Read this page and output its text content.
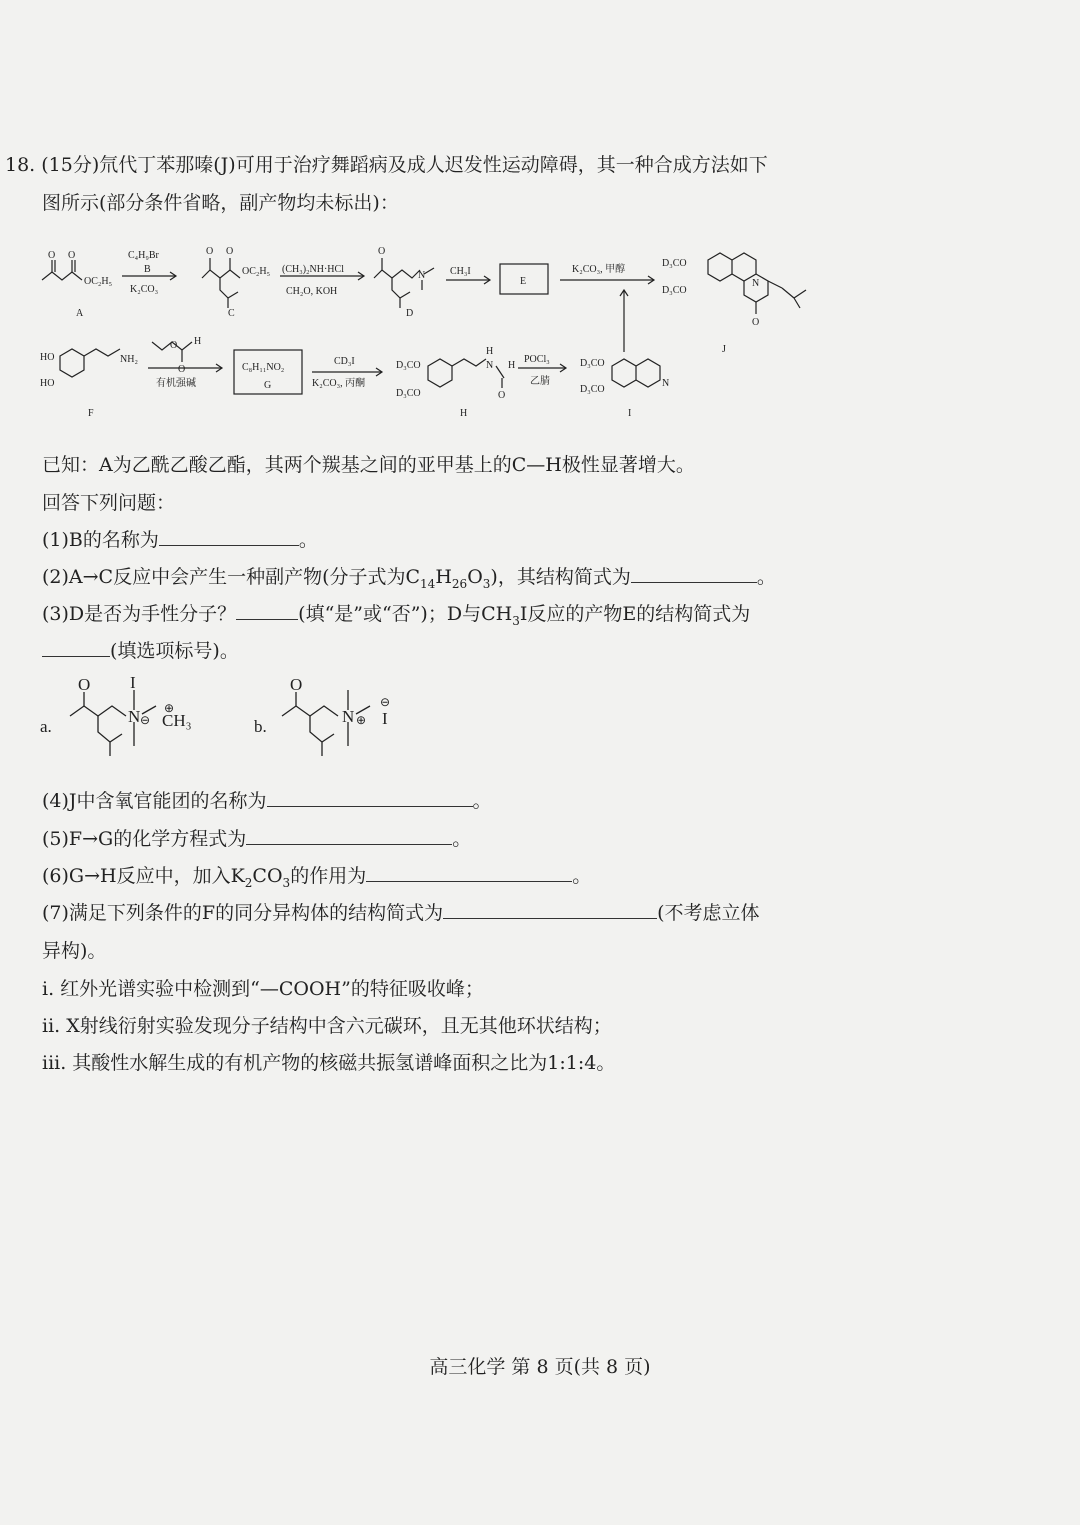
18. (15分)氘代丁苯那嗪(J)可用于治疗舞蹈病及成人迟发性运动障碍，其一种合成方法如下
图所示(部分条件省略，副产物均未标出)：
O O
OC₂H₅
A
C₄H₉Br
B
K₂CO₃
O O
OC₂H₅
C
(CH₃)₂NH·HCl
CH₂O, KOH
O
N
D
CH₃I
E
K₂CO₃, 甲醇
D₃CO
D₃CO
N
O
J
HO
HO
NH₂
F
O H
O
有机强碱
C₈H₁₁NO₂
G
CD₃I
K₂CO₃, 丙酮
D₃CO
D₃CO
H
N H
O
H
POCl₃
乙腈
D₃CO
D₃CO
N
I
已知：A为乙酰乙酸乙酯，其两个羰基之间的亚甲基上的C—H极性显著增大。
回答下列问题：
(1)B的名称为	。
(2)A→C反应中会产生一种副产物(分子式为$C_{14}H_{26}O_3$)，其结构简式为	。
(3)D是否为手性分子？	(填“是”或“否”)；D与$CH_3I$反应的产物E的结构简式为
(填选项标号)。
a.
O I
N ⊖
⊕
CH₃	b.
O
N ⊕
⊖
I
(4)J中含氧官能团的名称为	。
(5)F→G的化学方程式为	。
(6)G→H反应中，加入$K_2CO_3$的作用为	。
(7)满足下列条件的F的同分异构体的结构简式为	(不考虑立体
异构)。
i. 红外光谱实验中检测到“—COOH”的特征吸收峰；
ii. X射线衍射实验发现分子结构中含六元碳环，且无其他环状结构；
iii. 其酸性水解生成的有机产物的核磁共振氢谱峰面积之比为1:1:4。
高三化学 第 8 页(共 8 页)
